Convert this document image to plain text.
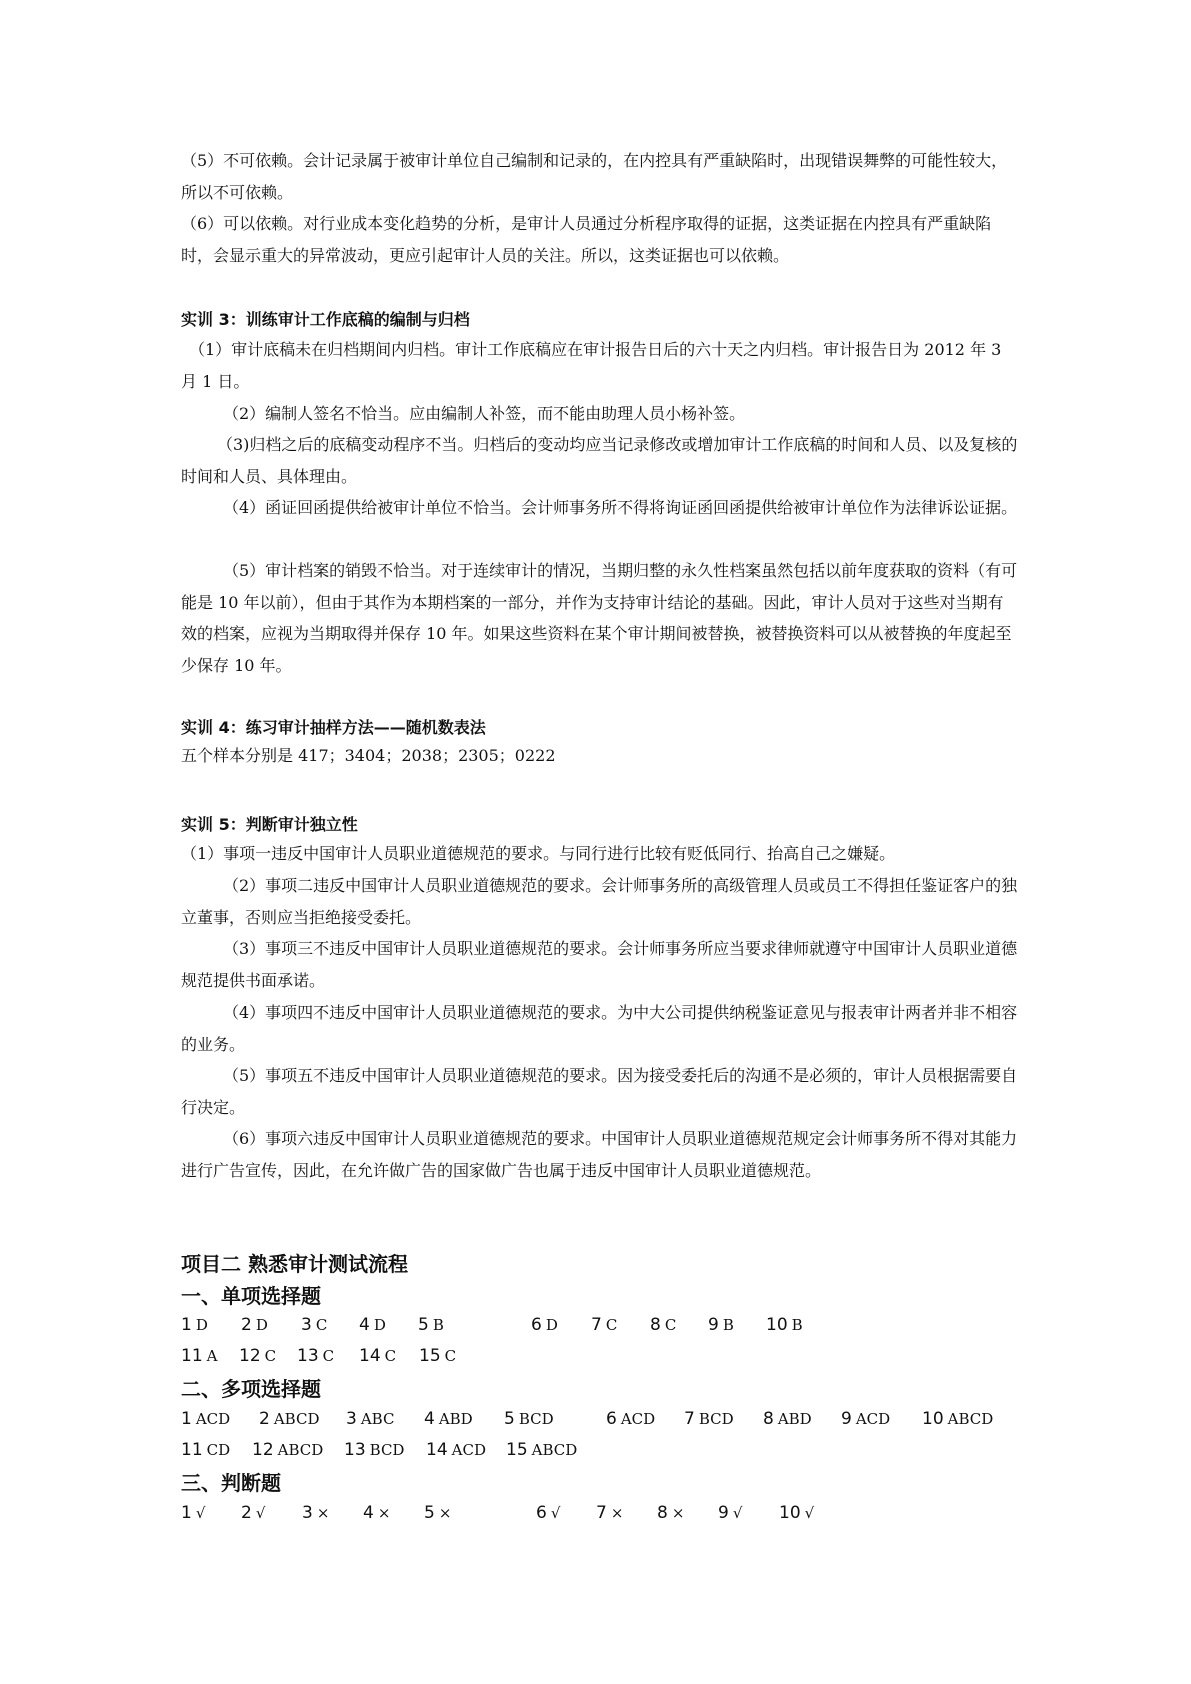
（5）不可依赖。会计记录属于被审计单位自己编制和记录的，在内控具有严重缺陷时，出现错误舞弊的可能性较大，所以不可依赖。

（6）可以依赖。对行业成本变化趋势的分析，是审计人员通过分析程序取得的证据，这类证据在内控具有严重缺陷时，会显示重大的异常波动，更应引起审计人员的关注。所以，这类证据也可以依赖。

实训 3：训练审计工作底稿的编制与归档

（1）审计底稿未在归档期间内归档。审计工作底稿应在审计报告日后的六十天之内归档。审计报告日为 2012 年 3 月 1 日。

（2）编制人签名不恰当。应由编制人补签，而不能由助理人员小杨补签。

（3)归档之后的底稿变动程序不当。归档后的变动均应当记录修改或增加审计工作底稿的时间和人员、以及复核的时间和人员、具体理由。

（4）函证回函提供给被审计单位不恰当。会计师事务所不得将询证函回函提供给被审计单位作为法律诉讼证据。

（5）审计档案的销毁不恰当。对于连续审计的情况，当期归整的永久性档案虽然包括以前年度获取的资料（有可能是 10 年以前），但由于其作为本期档案的一部分，并作为支持审计结论的基础。因此，审计人员对于这些对当期有效的档案，应视为当期取得并保存 10 年。如果这些资料在某个审计期间被替换，被替换资料可以从被替换的年度起至少保存 10 年。

实训 4：练习审计抽样方法——随机数表法

五个样本分别是 417；3404；2038；2305；0222

实训 5：判断审计独立性

（1）事项一违反中国审计人员职业道德规范的要求。与同行进行比较有贬低同行、抬高自己之嫌疑。

（2）事项二违反中国审计人员职业道德规范的要求。会计师事务所的高级管理人员或员工不得担任鉴证客户的独立董事，否则应当拒绝接受委托。

（3）事项三不违反中国审计人员职业道德规范的要求。会计师事务所应当要求律师就遵守中国审计人员职业道德规范提供书面承诺。

（4）事项四不违反中国审计人员职业道德规范的要求。为中大公司提供纳税鉴证意见与报表审计两者并非不相容的业务。

（5）事项五不违反中国审计人员职业道德规范的要求。因为接受委托后的沟通不是必须的，审计人员根据需要自行决定。

（6）事项六违反中国审计人员职业道德规范的要求。中国审计人员职业道德规范规定会计师事务所不得对其能力进行广告宣传，因此，在允许做广告的国家做广告也属于违反中国审计人员职业道德规范。

项目二 熟悉审计测试流程

一、单项选择题

1 D 2 D 3 C 4 D 5 B	6 D 7 C 8 C 9 B 10 B
11 A 12 C 13 C 14 C 15 C

二、多项选择题

1 ACD 2 ABCD 3 ABC 4 ABD 5 BCD	6 ACD 7 BCD 8 ABD 9 ACD 10 ABCD
11 CD 12 ABCD 13 BCD 14 ACD 15 ABCD

三、判断题

1 √ 2 √ 3 × 4 × 5 ×	6 √ 7 × 8 × 9 √ 10 √
